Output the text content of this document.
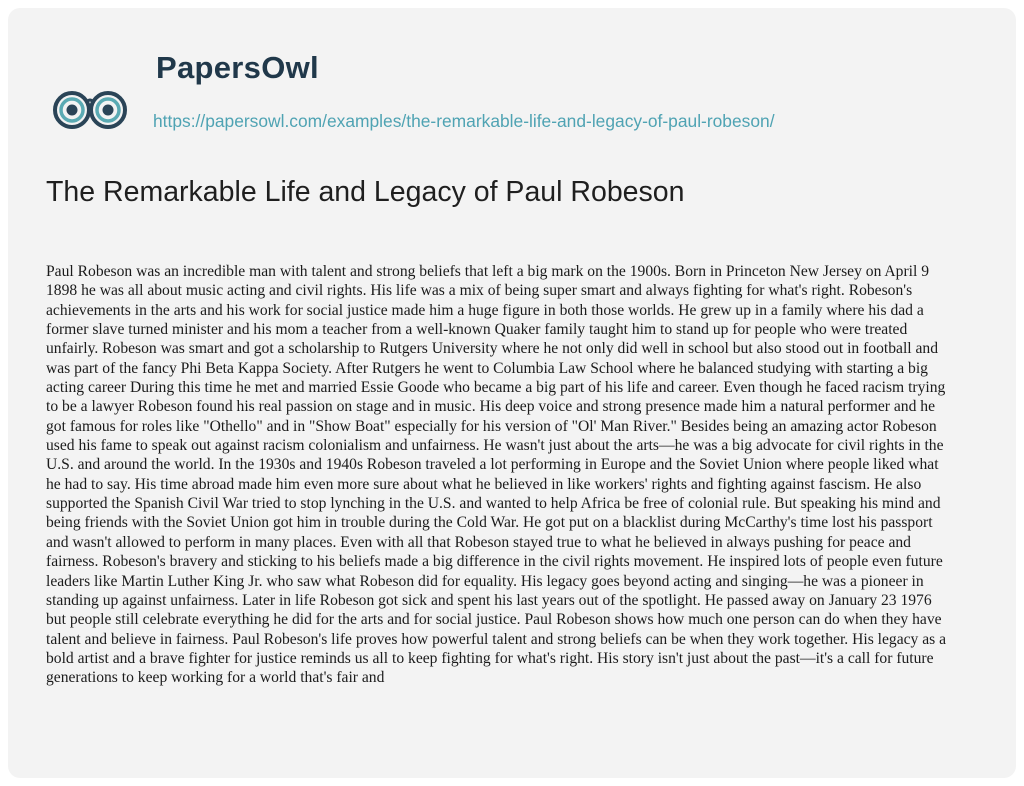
PapersOwl
https://papersowl.com/examples/the-remarkable-life-and-legacy-of-paul-robeson/
The Remarkable Life and Legacy of Paul Robeson

Paul Robeson was an incredible man with talent and strong beliefs that left a big mark on the 1900s. Born in Princeton New Jersey on April 9
1898 he was all about music acting and civil rights. His life was a mix of being super smart and always fighting for what's right. Robeson's
achievements in the arts and his work for social justice made him a huge figure in both those worlds. He grew up in a family where his dad a
former slave turned minister and his mom a teacher from a well-known Quaker family taught him to stand up for people who were treated
unfairly. Robeson was smart and got a scholarship to Rutgers University where he not only did well in school but also stood out in football and
was part of the fancy Phi Beta Kappa Society. After Rutgers he went to Columbia Law School where he balanced studying with starting a big
acting career During this time he met and married Essie Goode who became a big part of his life and career. Even though he faced racism trying
to be a lawyer Robeson found his real passion on stage and in music. His deep voice and strong presence made him a natural performer and he
got famous for roles like "Othello" and in "Show Boat" especially for his version of "Ol' Man River." Besides being an amazing actor Robeson
used his fame to speak out against racism colonialism and unfairness. He wasn't just about the arts—he was a big advocate for civil rights in the
U.S. and around the world. In the 1930s and 1940s Robeson traveled a lot performing in Europe and the Soviet Union where people liked what
he had to say. His time abroad made him even more sure about what he believed in like workers' rights and fighting against fascism. He also
supported the Spanish Civil War tried to stop lynching in the U.S. and wanted to help Africa be free of colonial rule. But speaking his mind and
being friends with the Soviet Union got him in trouble during the Cold War. He got put on a blacklist during McCarthy's time lost his passport
and wasn't allowed to perform in many places. Even with all that Robeson stayed true to what he believed in always pushing for peace and
fairness. Robeson's bravery and sticking to his beliefs made a big difference in the civil rights movement. He inspired lots of people even future
leaders like Martin Luther King Jr. who saw what Robeson did for equality. His legacy goes beyond acting and singing—he was a pioneer in
standing up against unfairness. Later in life Robeson got sick and spent his last years out of the spotlight. He passed away on January 23 1976
but people still celebrate everything he did for the arts and for social justice. Paul Robeson shows how much one person can do when they have
talent and believe in fairness. Paul Robeson's life proves how powerful talent and strong beliefs can be when they work together. His legacy as a
bold artist and a brave fighter for justice reminds us all to keep fighting for what's right. His story isn't just about the past—it's a call for future
generations to keep working for a world that's fair and
